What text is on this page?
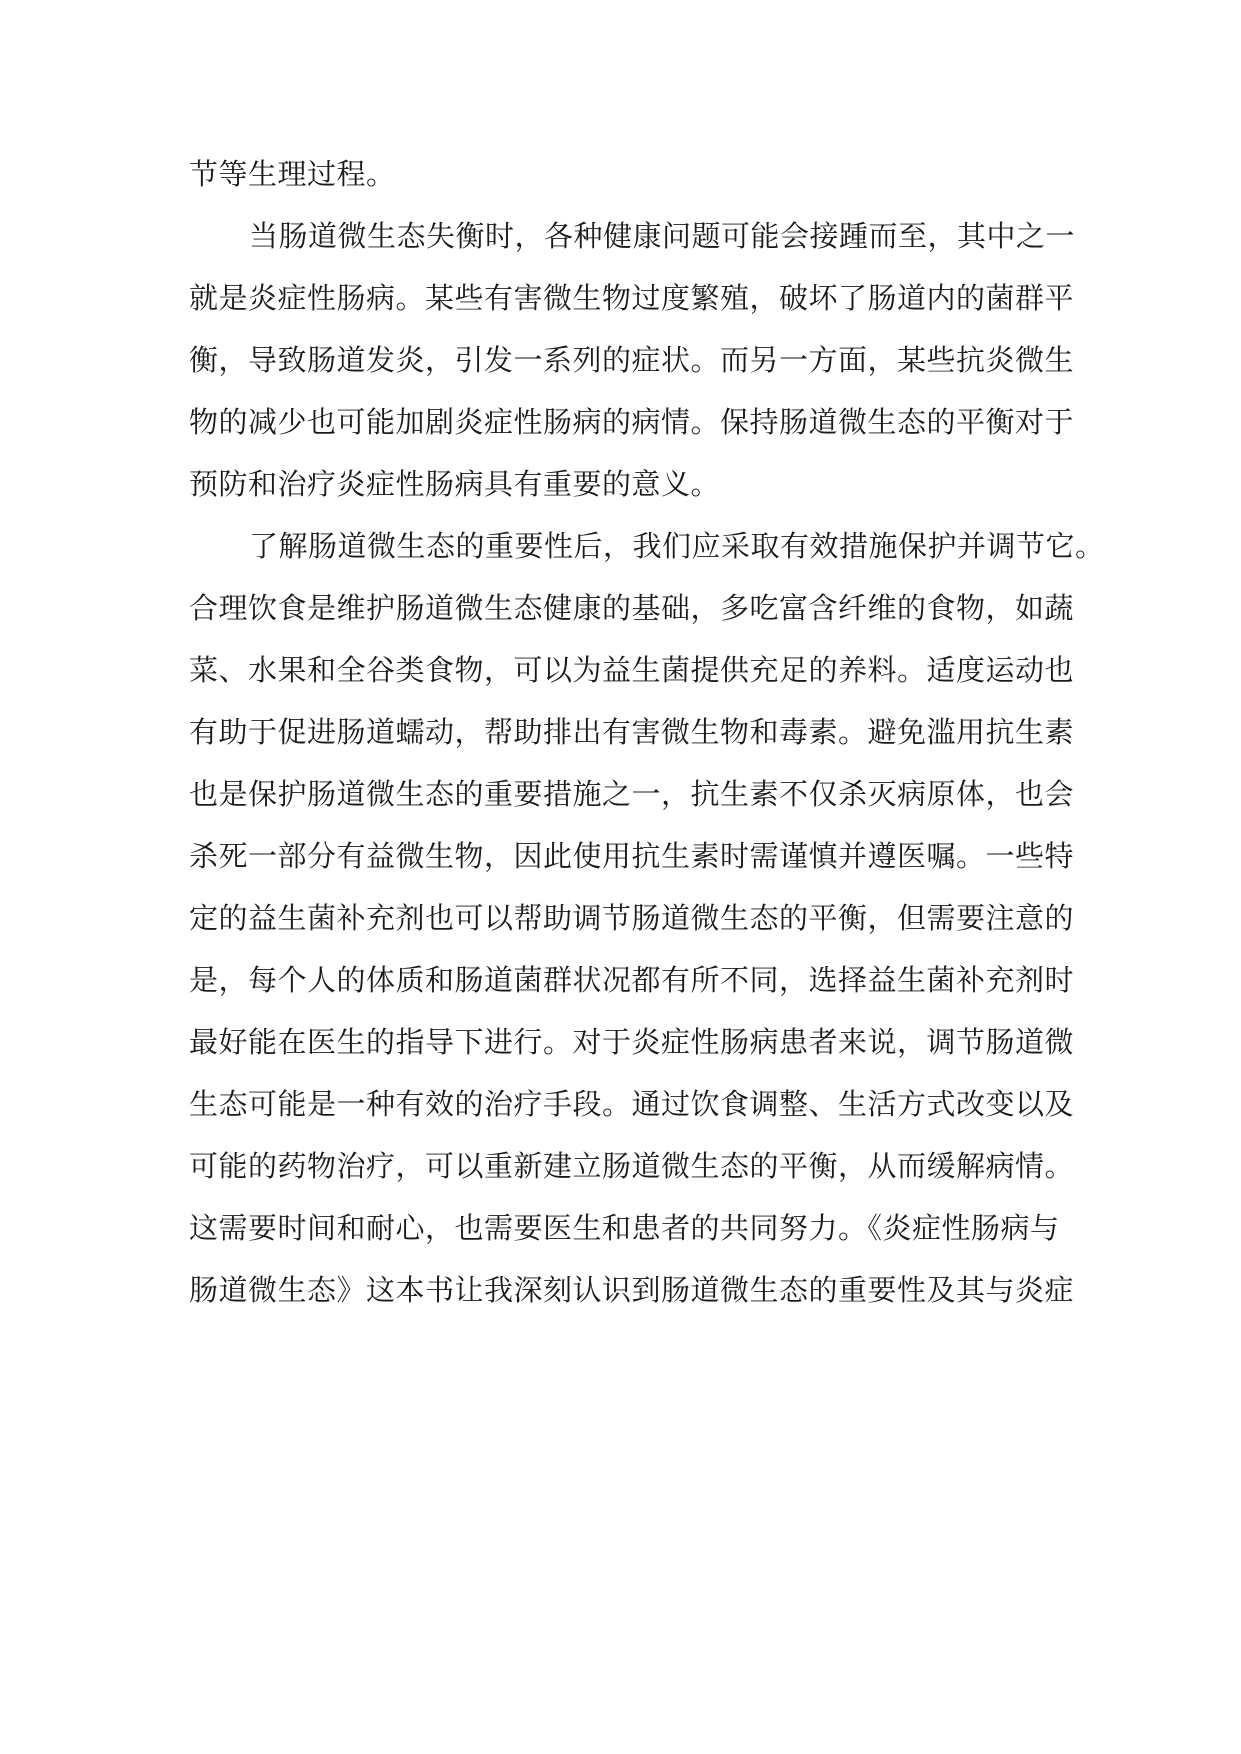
节等生理过程。
当肠道微生态失衡时，各种健康问题可能会接踵而至，其中之一
就是炎症性肠病。某些有害微生物过度繁殖，破坏了肠道内的菌群平
衡，导致肠道发炎，引发一系列的症状。而另一方面，某些抗炎微生
物的减少也可能加剧炎症性肠病的病情。保持肠道微生态的平衡对于
预防和治疗炎症性肠病具有重要的意义。
了解肠道微生态的重要性后，我们应采取有效措施保护并调节它。
合理饮食是维护肠道微生态健康的基础，多吃富含纤维的食物，如蔬
菜、水果和全谷类食物，可以为益生菌提供充足的养料。适度运动也
有助于促进肠道蠕动，帮助排出有害微生物和毒素。避免滥用抗生素
也是保护肠道微生态的重要措施之一，抗生素不仅杀灭病原体，也会
杀死一部分有益微生物，因此使用抗生素时需谨慎并遵医嘱。一些特
定的益生菌补充剂也可以帮助调节肠道微生态的平衡，但需要注意的
是，每个人的体质和肠道菌群状况都有所不同，选择益生菌补充剂时
最好能在医生的指导下进行。对于炎症性肠病患者来说，调节肠道微
生态可能是一种有效的治疗手段。通过饮食调整、生活方式改变以及
可能的药物治疗，可以重新建立肠道微生态的平衡，从而缓解病情。
这需要时间和耐心，也需要医生和患者的共同努力。《炎症性肠病与
肠道微生态》这本书让我深刻认识到肠道微生态的重要性及其与炎症
